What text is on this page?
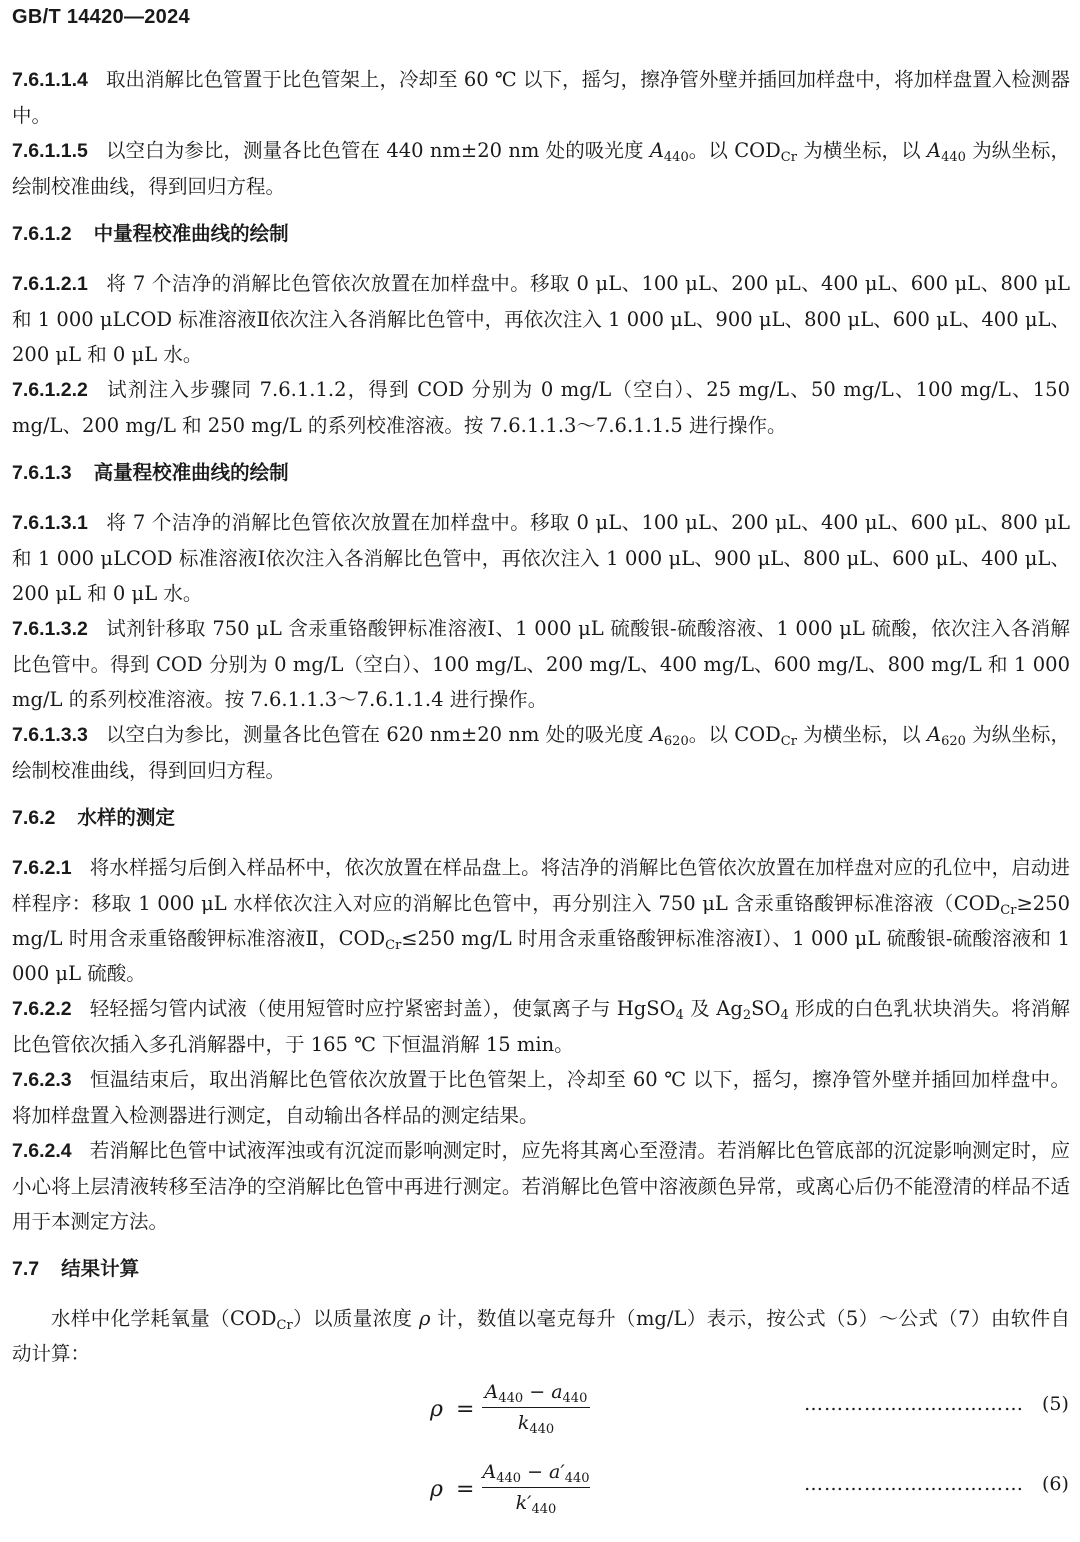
GB/T 14420—2024

7.6.1.1.4 取出消解比色管置于比色管架上，冷却至 60 ℃ 以下，摇匀，擦净管外壁并插回加样盘中，将加样盘置入检测器中。

7.6.1.1.5 以空白为参比，测量各比色管在 440 nm±20 nm 处的吸光度 $A_{440}$。以 $COD_{Cr}$ 为横坐标，以 $A_{440}$ 为纵坐标，绘制校准曲线，得到回归方程。

7.6.1.2 中量程校准曲线的绘制

7.6.1.2.1 将 7 个洁净的消解比色管依次放置在加样盘中。移取 0 μL、100 μL、200 μL、400 μL、600 μL、800 μL 和 1 000 μLCOD 标准溶液Ⅱ依次注入各消解比色管中，再依次注入 1 000 μL、900 μL、800 μL、600 μL、400 μL、200 μL 和 0 μL 水。

7.6.1.2.2 试剂注入步骤同 7.6.1.1.2，得到 COD 分别为 0 mg/L（空白）、25 mg/L、50 mg/L、100 mg/L、150 mg/L、200 mg/L 和 250 mg/L 的系列校准溶液。按 7.6.1.1.3～7.6.1.1.5 进行操作。

7.6.1.3 高量程校准曲线的绘制

7.6.1.3.1 将 7 个洁净的消解比色管依次放置在加样盘中。移取 0 μL、100 μL、200 μL、400 μL、600 μL、800 μL 和 1 000 μLCOD 标准溶液Ⅰ依次注入各消解比色管中，再依次注入 1 000 μL、900 μL、800 μL、600 μL、400 μL、200 μL 和 0 μL 水。

7.6.1.3.2 试剂针移取 750 μL 含汞重铬酸钾标准溶液Ⅰ、1 000 μL 硫酸银-硫酸溶液、1 000 μL 硫酸，依次注入各消解比色管中。得到 COD 分别为 0 mg/L（空白）、100 mg/L、200 mg/L、400 mg/L、600 mg/L、800 mg/L 和 1 000 mg/L 的系列校准溶液。按 7.6.1.1.3～7.6.1.1.4 进行操作。

7.6.1.3.3 以空白为参比，测量各比色管在 620 nm±20 nm 处的吸光度 $A_{620}$。以 $COD_{Cr}$ 为横坐标，以 $A_{620}$ 为纵坐标，绘制校准曲线，得到回归方程。

7.6.2 水样的测定

7.6.2.1 将水样摇匀后倒入样品杯中，依次放置在样品盘上。将洁净的消解比色管依次放置在加样盘对应的孔位中，启动进样程序：移取 1 000 μL 水样依次注入对应的消解比色管中，再分别注入 750 μL 含汞重铬酸钾标准溶液（$COD_{Cr}\ge 250$ mg/L 时用含汞重铬酸钾标准溶液Ⅱ，$COD_{Cr}\le 250$ mg/L 时用含汞重铬酸钾标准溶液Ⅰ）、1 000 μL 硫酸银-硫酸溶液和 1 000 μL 硫酸。

7.6.2.2 轻轻摇匀管内试液（使用短管时应拧紧密封盖），使氯离子与 HgSO$_4$ 及 $Ag_2SO_4$ 形成的白色乳状块消失。将消解比色管依次插入多孔消解器中，于 165 ℃ 下恒温消解 15 min。

7.6.2.3 恒温结束后，取出消解比色管依次放置于比色管架上，冷却至 60 ℃ 以下，摇匀，擦净管外壁并插回加样盘中。将加样盘置入检测器进行测定，自动输出各样品的测定结果。

7.6.2.4 若消解比色管中试液浑浊或有沉淀而影响测定时，应先将其离心至澄清。若消解比色管底部的沉淀影响测定时，应小心将上层清液转移至洁净的空消解比色管中再进行测定。若消解比色管中溶液颜色异常，或离心后仍不能澄清的样品不适用于本测定方法。

7.7 结果计算

水样中化学耗氧量$(COD_{Cr})$以质量浓度 ρ 计，数值以毫克每升（mg/L）表示，按公式（5）～公式（7）由软件自动计算：

$\rho = \frac{A_{440} - a_{440}}{k_{440}}$	…………………………… (5)
$\rho = \frac{A_{440} - a'_{440}}{k'_{440}}$	…………………………… (6)
